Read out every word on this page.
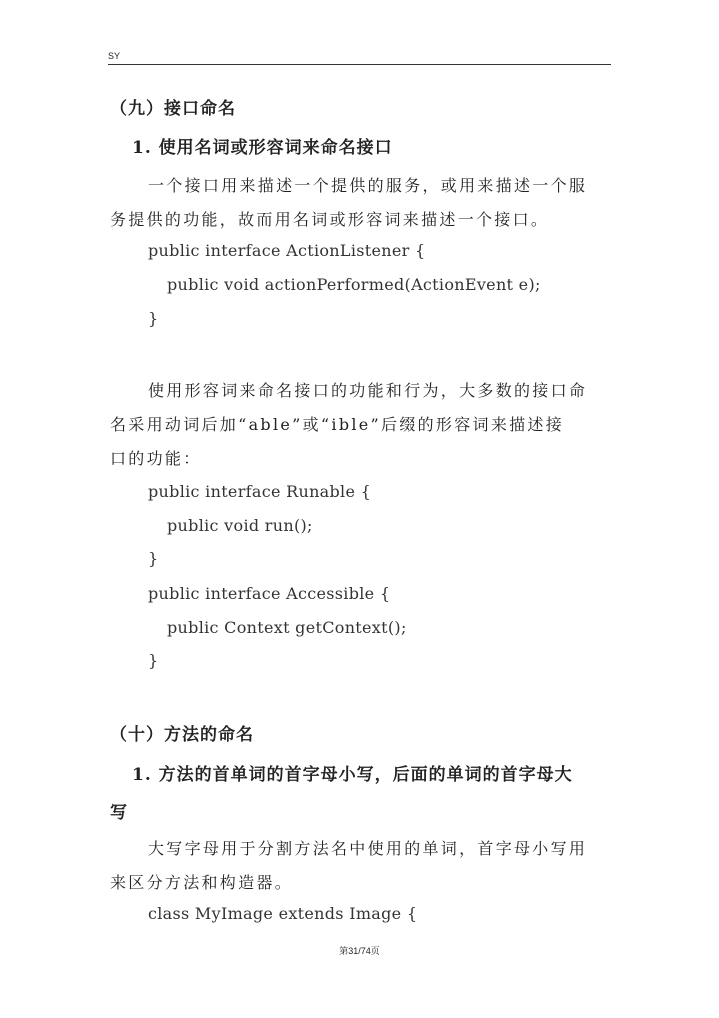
SY
（九）接口命名
1. 使用名词或形容词来命名接口
一个接口用来描述一个提供的服务，或用来描述一个服
务提供的功能，故而用名词或形容词来描述一个接口。
public interface ActionListener {
public void actionPerformed(ActionEvent e);
}
使用形容词来命名接口的功能和行为，大多数的接口命
名采用动词后加“able”或“ible”后缀的形容词来描述接
口的功能：
public interface Runable {
public void run();
}
public interface Accessible {
public Context getContext();
}
（十）方法的命名
1. 方法的首单词的首字母小写，后面的单词的首字母大
写
大写字母用于分割方法名中使用的单词，首字母小写用
来区分方法和构造器。
class MyImage extends Image {
第31/74页
